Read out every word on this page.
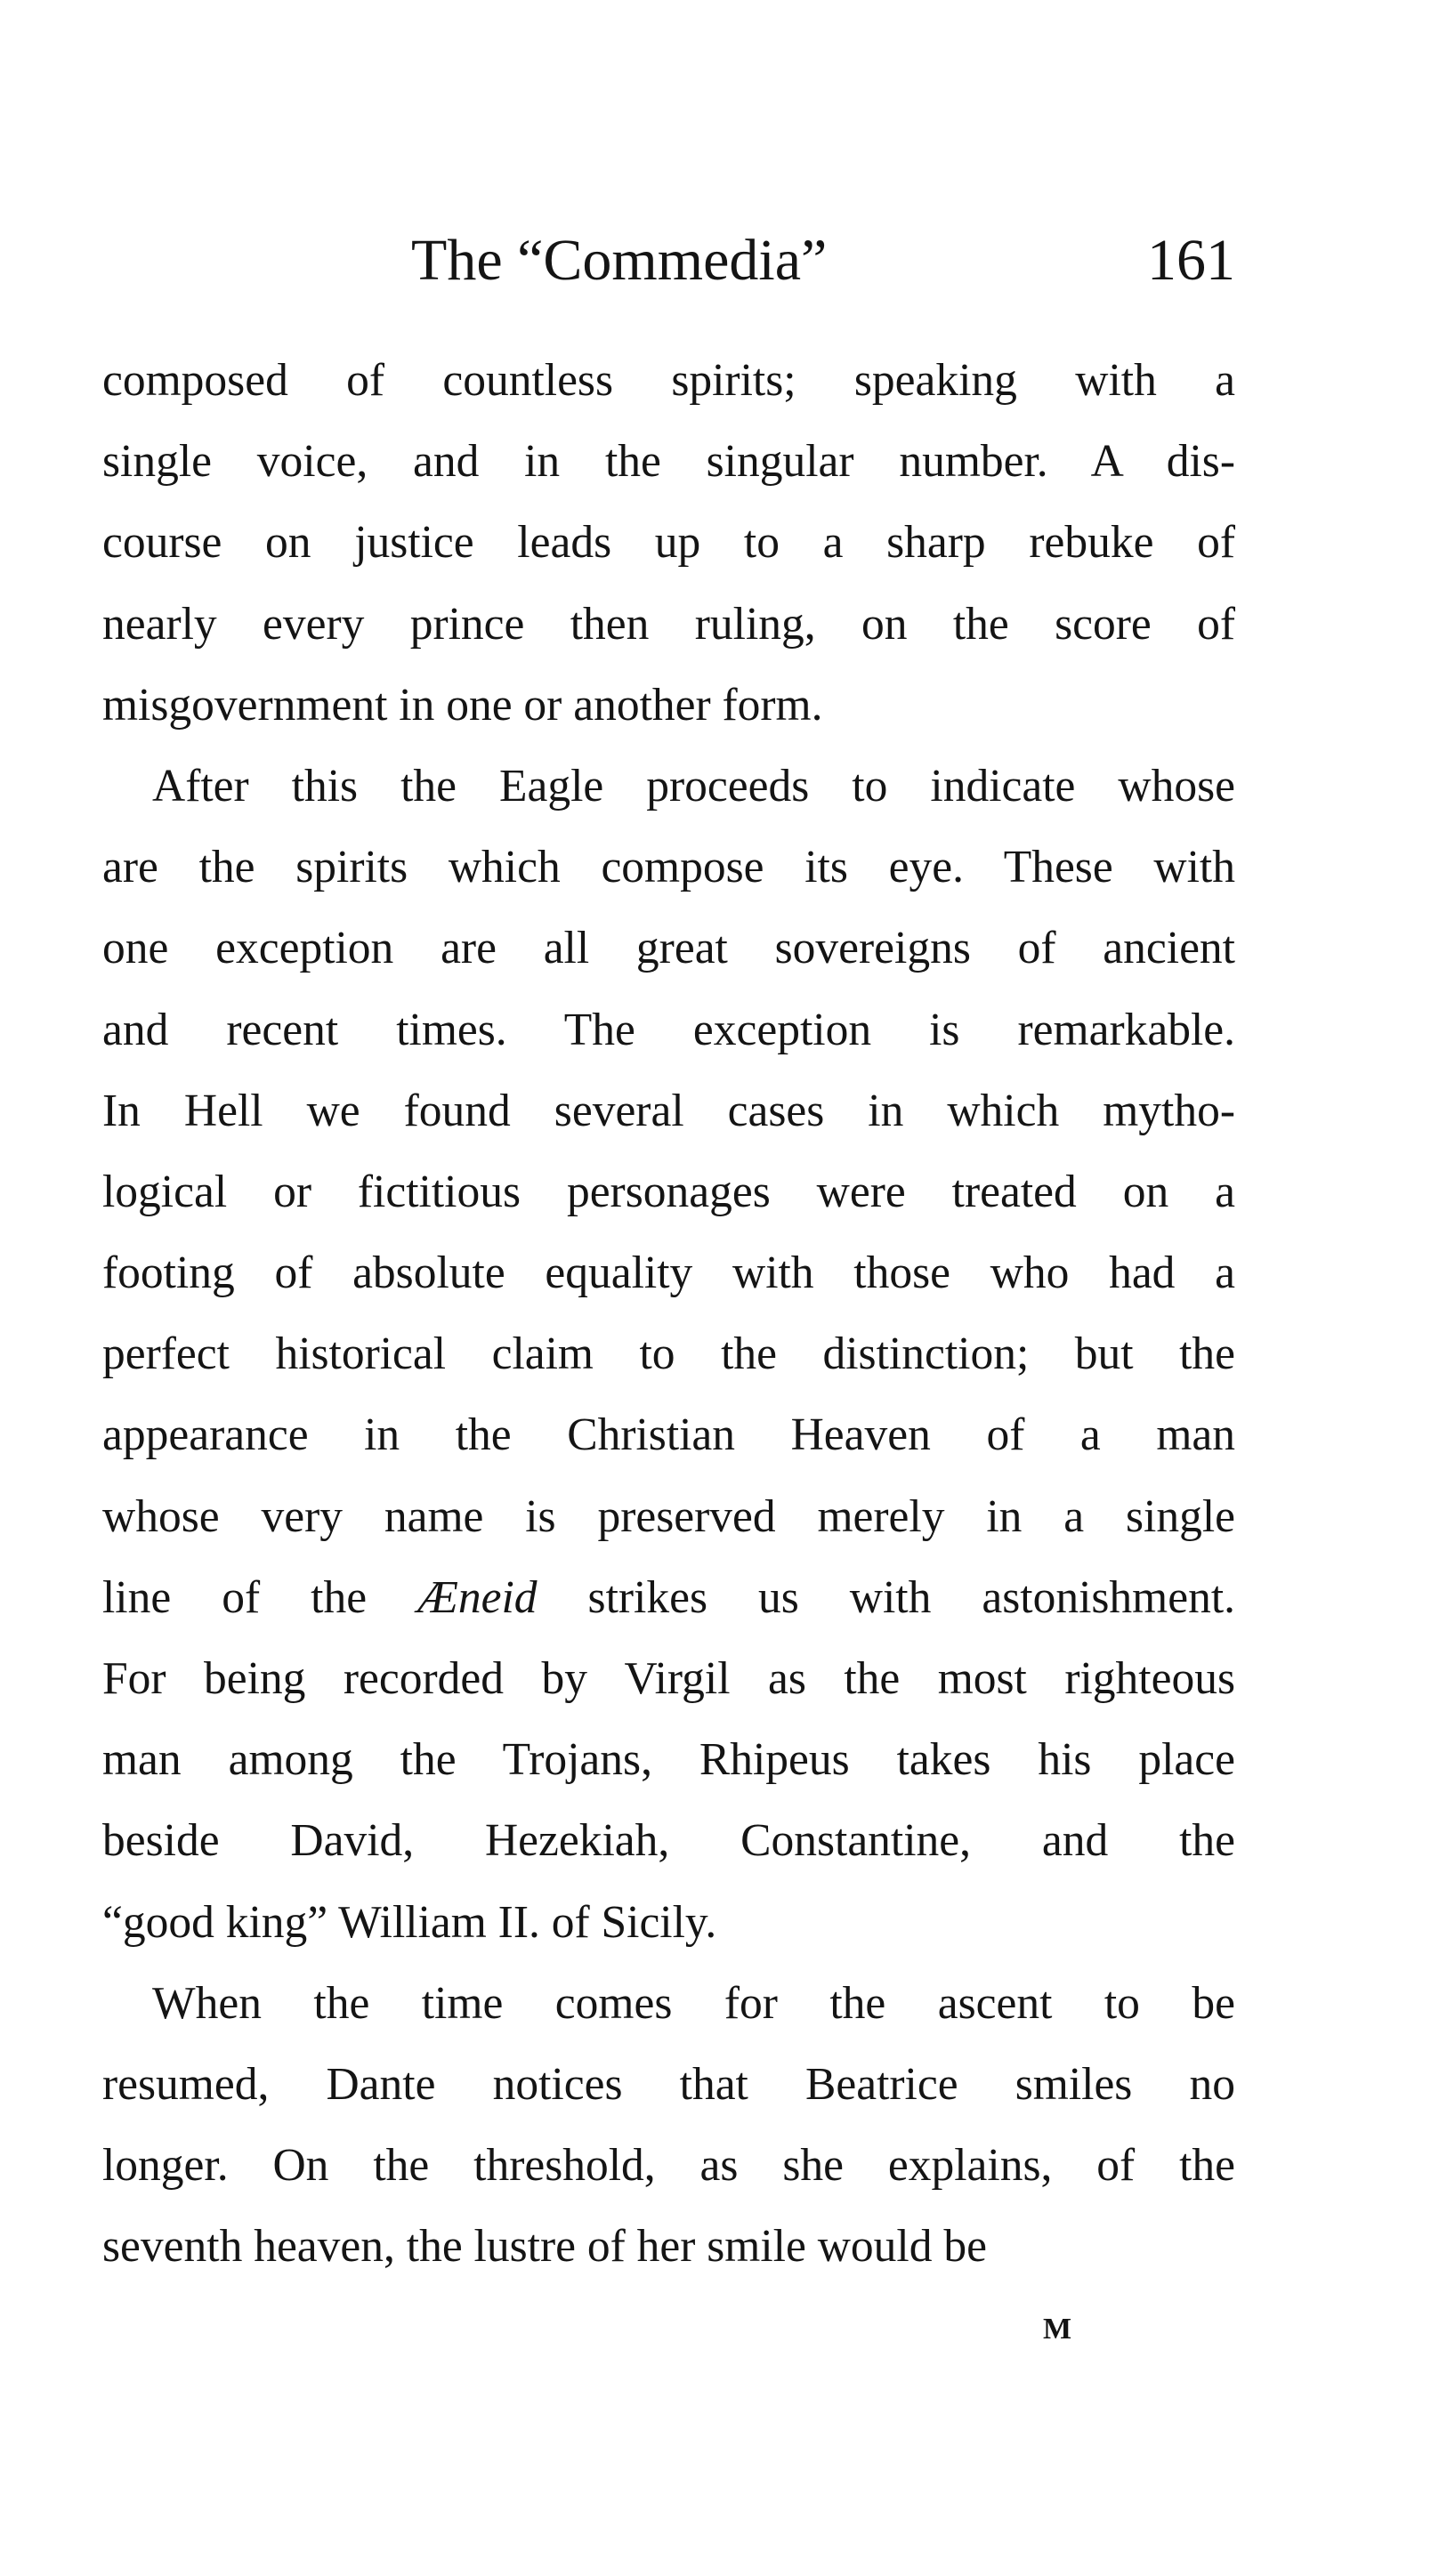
The “Commedia”	161

composed of countless spirits; speaking with a
single voice, and in the singular number. A dis-
course on justice leads up to a sharp rebuke of
nearly every prince then ruling, on the score of
misgovernment in one or another form.

After this the Eagle proceeds to indicate whose
are the spirits which compose its eye. These with
one exception are all great sovereigns of ancient
and recent times. The exception is remarkable.
In Hell we found several cases in which mytho-
logical or fictitious personages were treated on a
footing of absolute equality with those who had a
perfect historical claim to the distinction; but the
appearance in the Christian Heaven of a man
whose very name is preserved merely in a single
line of the Æneid strikes us with astonishment.
For being recorded by Virgil as the most righteous
man among the Trojans, Rhipeus takes his place
beside David, Hezekiah, Constantine, and the
“good king” William II. of Sicily.

When the time comes for the ascent to be
resumed, Dante notices that Beatrice smiles no
longer. On the threshold, as she explains, of the
seventh heaven, the lustre of her smile would be

M
